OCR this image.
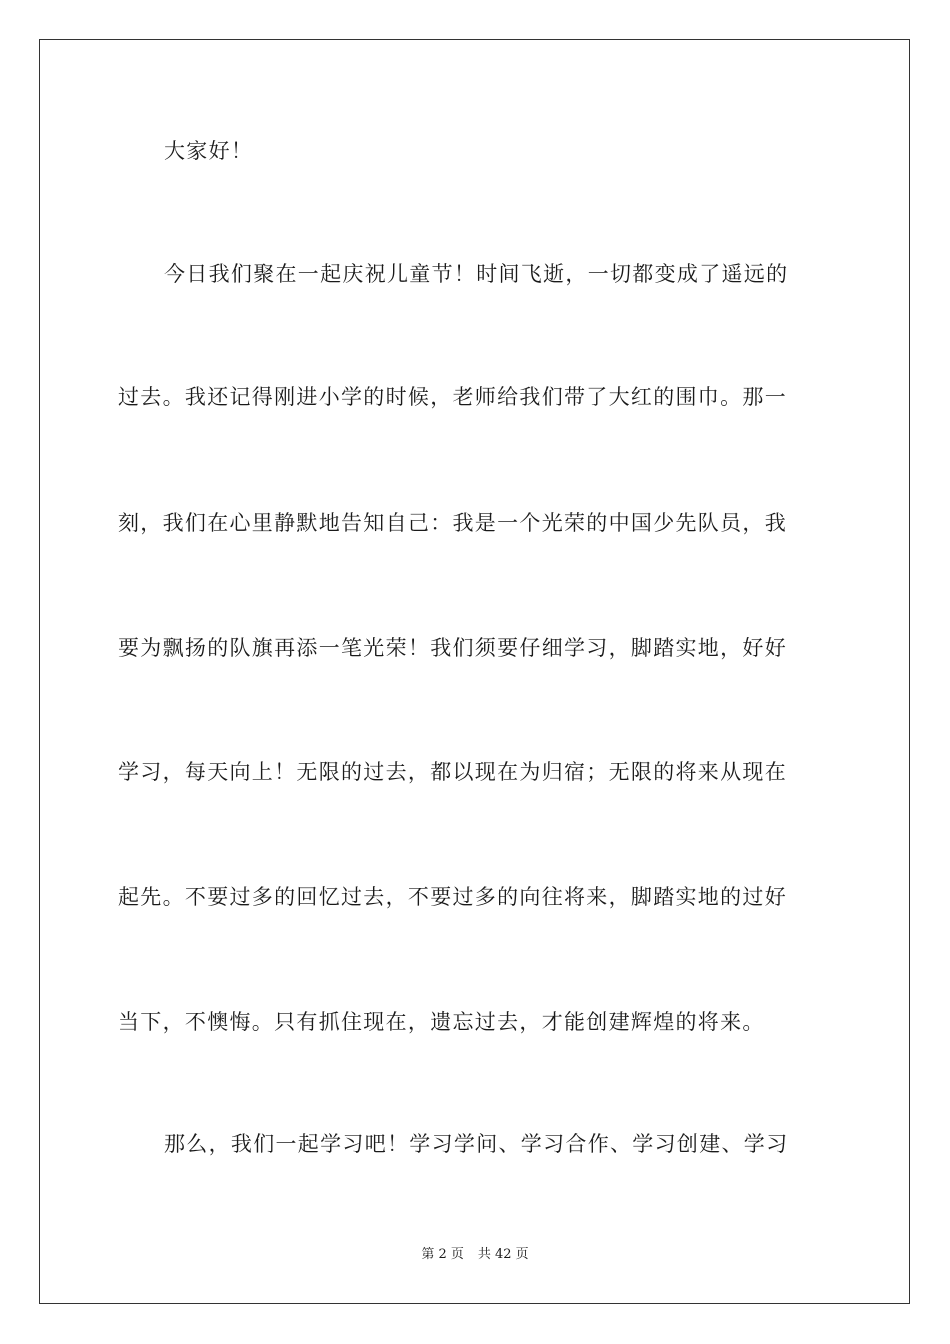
大家好！
今日我们聚在一起庆祝儿童节！时间飞逝，一切都变成了遥远的
过去。我还记得刚进小学的时候，老师给我们带了大红的围巾。那一
刻，我们在心里静默地告知自己：我是一个光荣的中国少先队员，我
要为飘扬的队旗再添一笔光荣！我们须要仔细学习，脚踏实地，好好
学习，每天向上！无限的过去，都以现在为归宿；无限的将来从现在
起先。不要过多的回忆过去，不要过多的向往将来，脚踏实地的过好
当下，不懊悔。只有抓住现在，遗忘过去，才能创建辉煌的将来。
那么，我们一起学习吧！学习学问、学习合作、学习创建、学习
第 2 页 共 42 页
